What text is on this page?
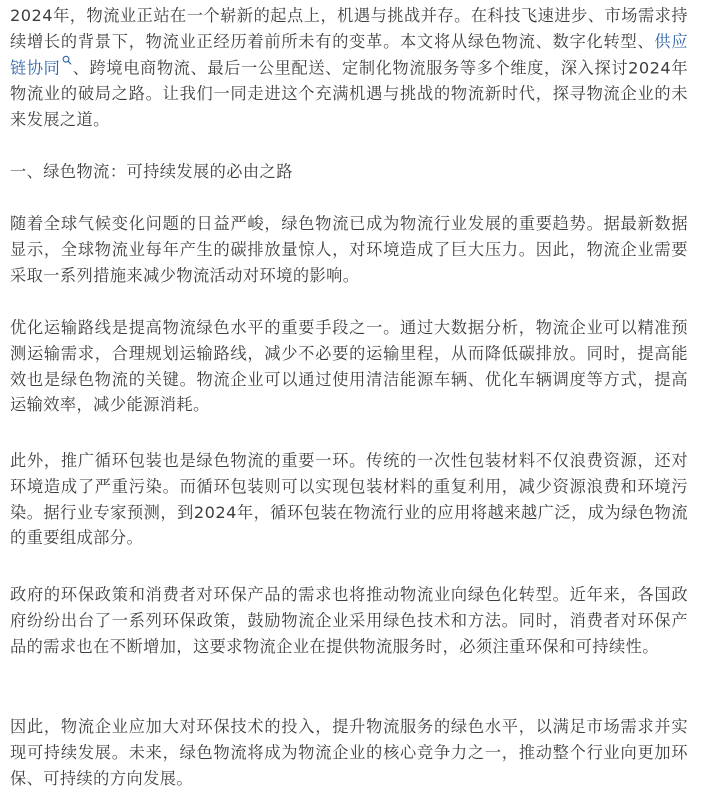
2024年，物流业正站在一个崭新的起点上，机遇与挑战并存。在科技飞速进步、市场需求持续增长的背景下，物流业正经历着前所未有的变革。本文将从绿色物流、数字化转型、供应链协同 、跨境电商物流、最后一公里配送、定制化物流服务等多个维度，深入探讨2024年物流业的破局之路。让我们一同走进这个充满机遇与挑战的物流新时代，探寻物流企业的未来发展之道。

一、绿色物流：可持续发展的必由之路

随着全球气候变化问题的日益严峻，绿色物流已成为物流行业发展的重要趋势。据最新数据显示，全球物流业每年产生的碳排放量惊人，对环境造成了巨大压力。因此，物流企业需要采取一系列措施来减少物流活动对环境的影响。

优化运输路线是提高物流绿色水平的重要手段之一。通过大数据分析，物流企业可以精准预测运输需求，合理规划运输路线，减少不必要的运输里程，从而降低碳排放。同时，提高能效也是绿色物流的关键。物流企业可以通过使用清洁能源车辆、优化车辆调度等方式，提高运输效率，减少能源消耗。

此外，推广循环包装也是绿色物流的重要一环。传统的一次性包装材料不仅浪费资源，还对环境造成了严重污染。而循环包装则可以实现包装材料的重复利用，减少资源浪费和环境污染。据行业专家预测，到2024年，循环包装在物流行业的应用将越来越广泛，成为绿色物流的重要组成部分。

政府的环保政策和消费者对环保产品的需求也将推动物流业向绿色化转型。近年来，各国政府纷纷出台了一系列环保政策，鼓励物流企业采用绿色技术和方法。同时，消费者对环保产品的需求也在不断增加，这要求物流企业在提供物流服务时，必须注重环保和可持续性。

因此，物流企业应加大对环保技术的投入，提升物流服务的绿色水平，以满足市场需求并实现可持续发展。未来，绿色物流将成为物流企业的核心竞争力之一，推动整个行业向更加环保、可持续的方向发展。
